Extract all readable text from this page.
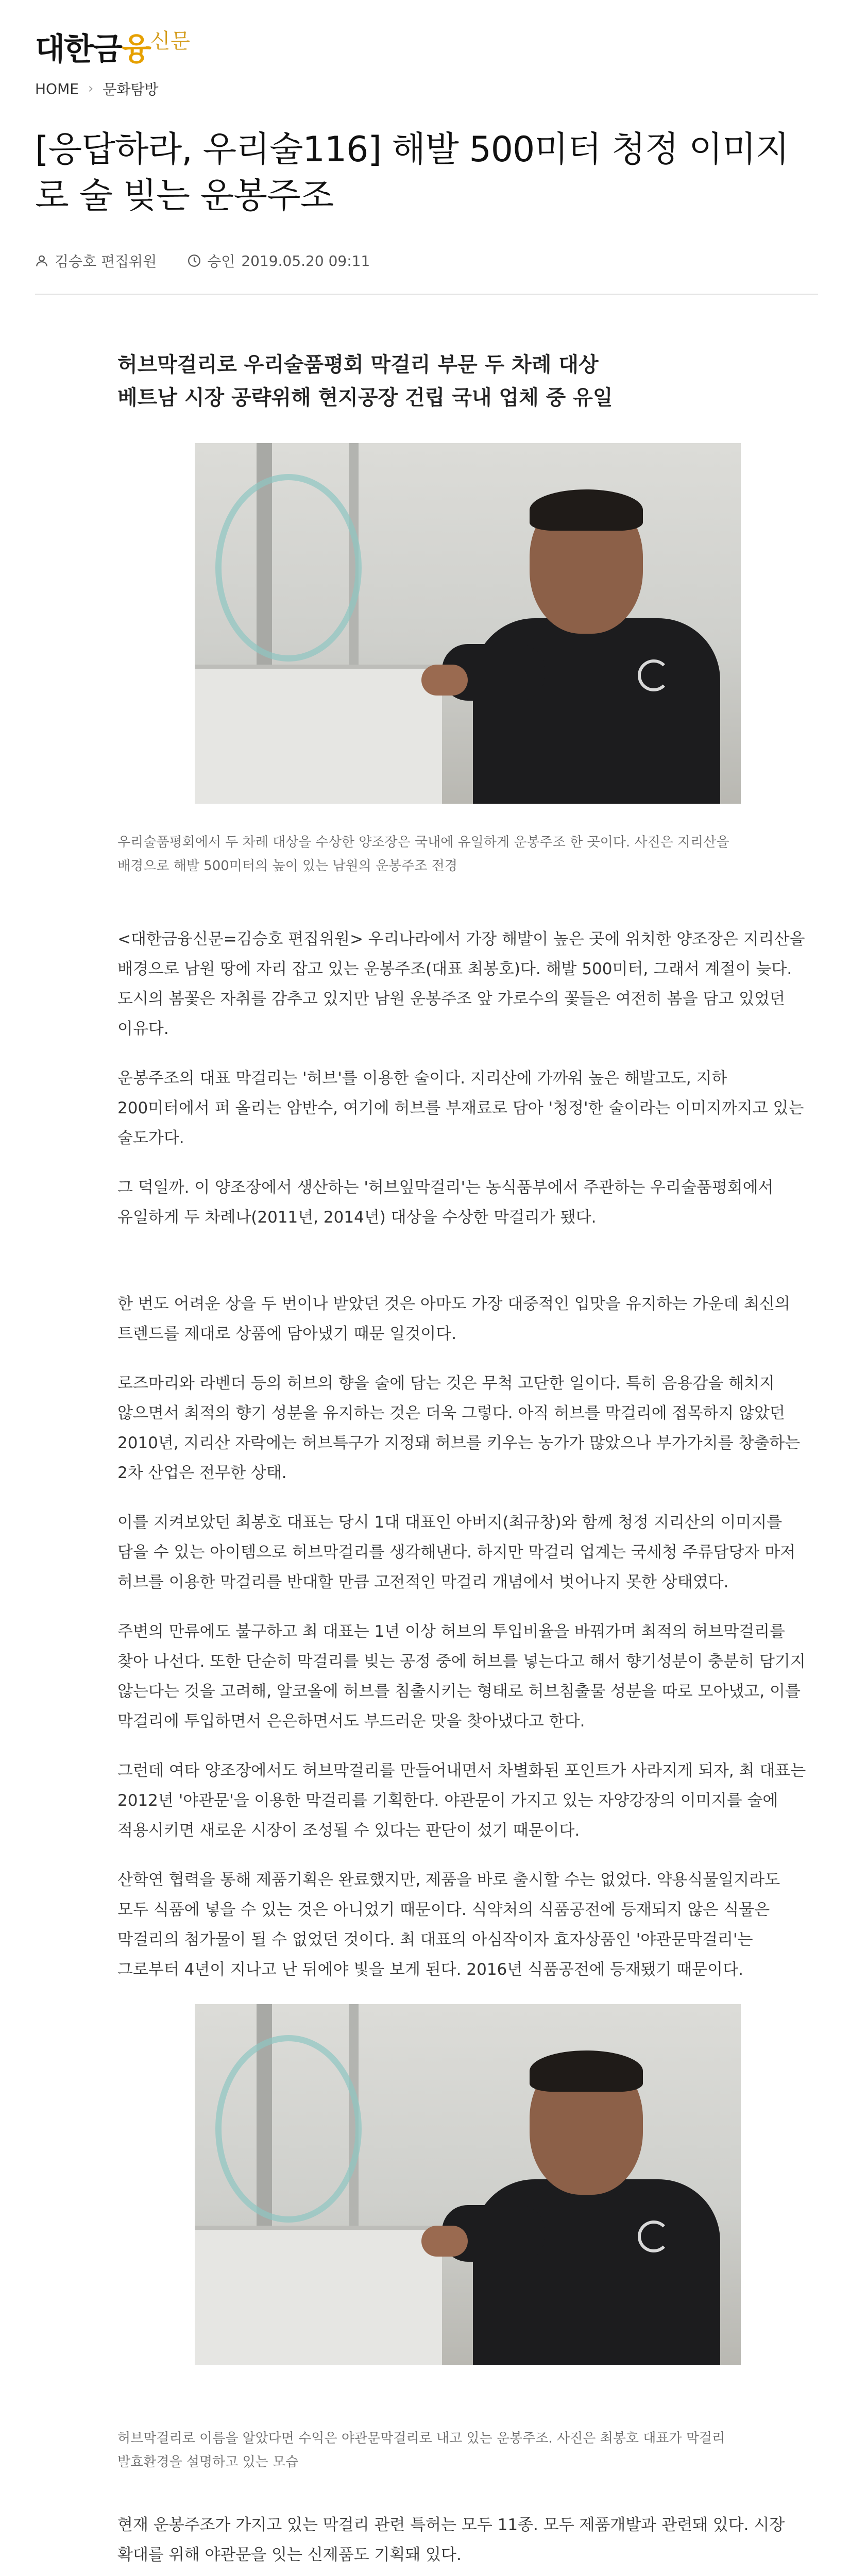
대한금융$^{신문}$
HOME › 문화탐방
[응답하라, 우리술116] 해발 500미터 청정 이미지로 술 빚는 운봉주조
김승호 편집위원	승인 2019.05.20 09:11
허브막걸리로 우리술품평회 막걸리 부문 두 차례 대상
베트남 시장 공략위해 현지공장 건립 국내 업체 중 유일
우리술품평회에서 두 차례 대상을 수상한 양조장은 국내에 유일하게 운봉주조 한 곳이다. 사진은 지리산을 배경으로 해발 500미터의 높이 있는 남원의 운봉주조 전경

<대한금융신문=김승호 편집위원> 우리나라에서 가장 해발이 높은 곳에 위치한 양조장은 지리산을 배경으로 남원 땅에 자리 잡고 있는 운봉주조(대표 최봉호)다. 해발 500미터, 그래서 계절이 늦다. 도시의 봄꽃은 자취를 감추고 있지만 남원 운봉주조 앞 가로수의 꽃들은 여전히 봄을 담고 있었던 이유다.

운봉주조의 대표 막걸리는 '허브'를 이용한 술이다. 지리산에 가까워 높은 해발고도, 지하 200미터에서 퍼 올리는 암반수, 여기에 허브를 부재료로 담아 '청정'한 술이라는 이미지까지고 있는 술도가다.

그 덕일까. 이 양조장에서 생산하는 '허브잎막걸리'는 농식품부에서 주관하는 우리술품평회에서 유일하게 두 차례나(2011년, 2014년) 대상을 수상한 막걸리가 됐다.

한 번도 어려운 상을 두 번이나 받았던 것은 아마도 가장 대중적인 입맛을 유지하는 가운데 최신의 트렌드를 제대로 상품에 담아냈기 때문 일것이다.

로즈마리와 라벤더 등의 허브의 향을 술에 담는 것은 무척 고단한 일이다. 특히 음용감을 해치지 않으면서 최적의 향기 성분을 유지하는 것은 더욱 그렇다. 아직 허브를 막걸리에 접목하지 않았던 2010년, 지리산 자락에는 허브특구가 지정돼 허브를 키우는 농가가 많았으나 부가가치를 창출하는 2차 산업은 전무한 상태.

이를 지켜보았던 최봉호 대표는 당시 1대 대표인 아버지(최규창)와 함께 청정 지리산의 이미지를 담을 수 있는 아이템으로 허브막걸리를 생각해낸다. 하지만 막걸리 업계는 국세청 주류담당자 마저 허브를 이용한 막걸리를 반대할 만큼 고전적인 막걸리 개념에서 벗어나지 못한 상태였다.

주변의 만류에도 불구하고 최 대표는 1년 이상 허브의 투입비율을 바꿔가며 최적의 허브막걸리를 찾아 나선다. 또한 단순히 막걸리를 빚는 공정 중에 허브를 넣는다고 해서 향기성분이 충분히 담기지 않는다는 것을 고려해, 알코올에 허브를 침출시키는 형태로 허브침출물 성분을 따로 모아냈고, 이를 막걸리에 투입하면서 은은하면서도 부드러운 맛을 찾아냈다고 한다.

그런데 여타 양조장에서도 허브막걸리를 만들어내면서 차별화된 포인트가 사라지게 되자, 최 대표는 2012년 '야관문'을 이용한 막걸리를 기획한다. 야관문이 가지고 있는 자양강장의 이미지를 술에 적용시키면 새로운 시장이 조성될 수 있다는 판단이 섰기 때문이다.

산학연 협력을 통해 제품기획은 완료했지만, 제품을 바로 출시할 수는 없었다. 약용식물일지라도 모두 식품에 넣을 수 있는 것은 아니었기 때문이다. 식약처의 식품공전에 등재되지 않은 식물은 막걸리의 첨가물이 될 수 없었던 것이다. 최 대표의 아심작이자 효자상품인 '야관문막걸리'는 그로부터 4년이 지나고 난 뒤에야 빛을 보게 된다. 2016년 식품공전에 등재됐기 때문이다.

허브막걸리로 이름을 알았다면 수익은 야관문막걸리로 내고 있는 운봉주조. 사진은 최봉호 대표가 막걸리 발효환경을 설명하고 있는 모습

현재 운봉주조가 가지고 있는 막걸리 관련 특허는 모두 11종. 모두 제품개발과 관련돼 있다. 시장 확대를 위해 야관문을 잇는 신제품도 기획돼 있다.
